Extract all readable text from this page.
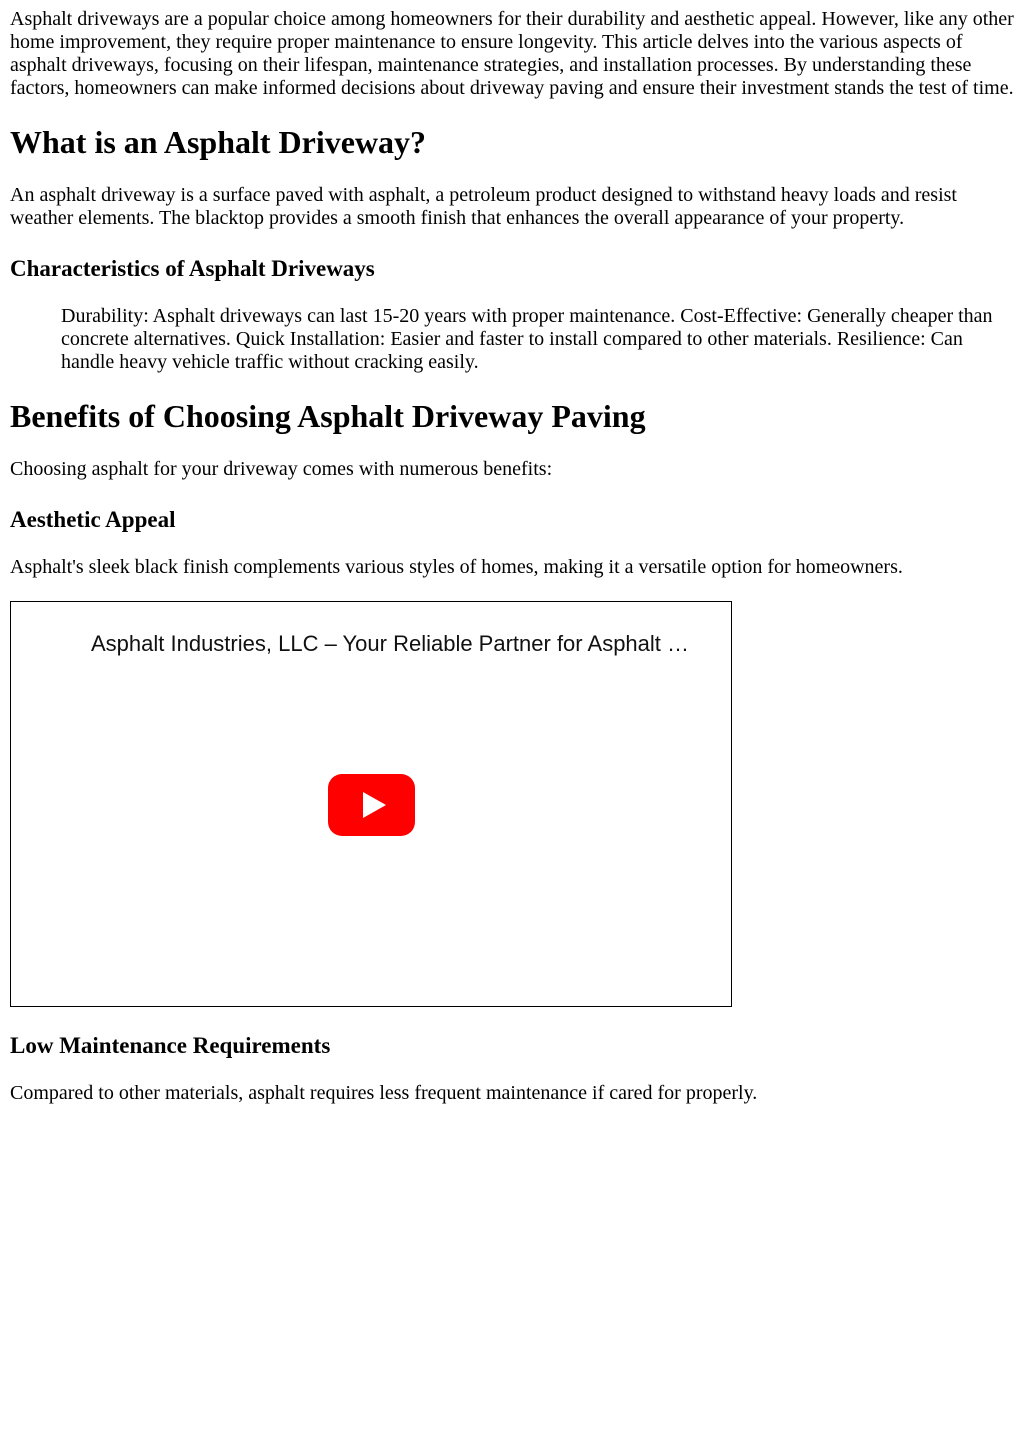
Asphalt driveways are a popular choice among homeowners for their durability and aesthetic appeal. However, like any other home improvement, they require proper maintenance to ensure longevity. This article delves into the various aspects of asphalt driveways, focusing on their lifespan, maintenance strategies, and installation processes. By understanding these factors, homeowners can make informed decisions about driveway paving and ensure their investment stands the test of time.

What is an Asphalt Driveway?

An asphalt driveway is a surface paved with asphalt, a petroleum product designed to withstand heavy loads and resist weather elements. The blacktop provides a smooth finish that enhances the overall appearance of your property.

Characteristics of Asphalt Driveways
Durability: Asphalt driveways can last 15-20 years with proper maintenance. Cost-Effective: Generally cheaper than concrete alternatives. Quick Installation: Easier and faster to install compared to other materials. Resilience: Can handle heavy vehicle traffic without cracking easily.
Benefits of Choosing Asphalt Driveway Paving

Choosing asphalt for your driveway comes with numerous benefits:

Aesthetic Appeal

Asphalt's sleek black finish complements various styles of homes, making it a versatile option for homeowners.

Asphalt Industries, LLC – Your Reliable Partner for Asphalt …
Low Maintenance Requirements

Compared to other materials, asphalt requires less frequent maintenance if cared for properly.
